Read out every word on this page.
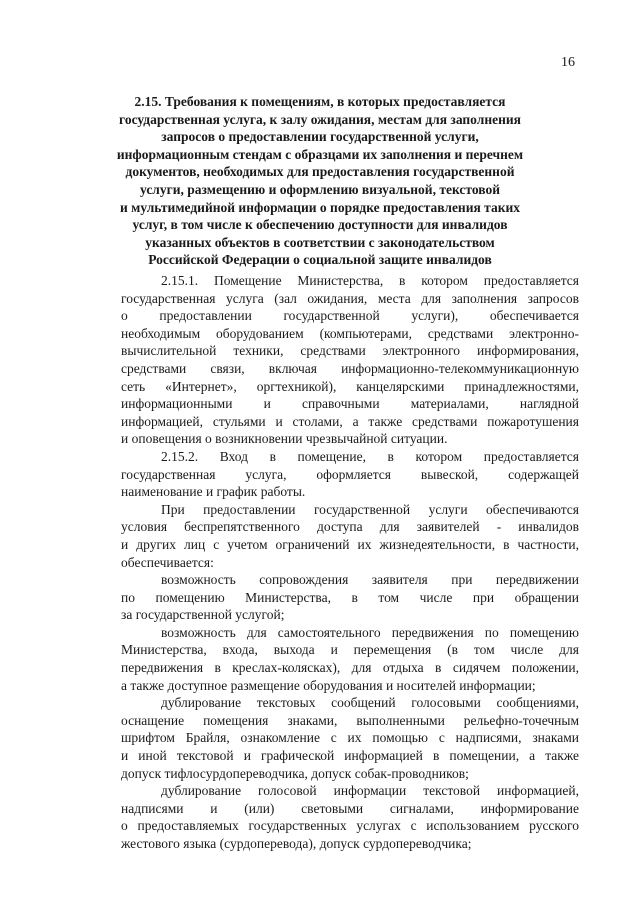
16
2.15. Требования к помещениям, в которых предоставляется
государственная услуга, к залу ожидания, местам для заполнения
запросов о предоставлении государственной услуги,
информационным стендам с образцами их заполнения и перечнем
документов, необходимых для предоставления государственной
услуги, размещению и оформлению визуальной, текстовой
и мультимедийной информации о порядке предоставления таких
услуг, в том числе к обеспечению доступности для инвалидов
указанных объектов в соответствии с законодательством
Российской Федерации о социальной защите инвалидов
2.15.1. Помещение Министерства, в котором предоставляется
государственная услуга (зал ожидания, места для заполнения запросов
о предоставлении государственной услуги), обеспечивается
необходимым оборудованием (компьютерами, средствами электронно-
вычислительной техники, средствами электронного информирования,
средствами связи, включая информационно-телекоммуникационную
сеть «Интернет», оргтехникой), канцелярскими принадлежностями,
информационными и справочными материалами, наглядной
информацией, стульями и столами, а также средствами пожаротушения
и оповещения о возникновении чрезвычайной ситуации.
2.15.2. Вход в помещение, в котором предоставляется
государственная услуга, оформляется вывеской, содержащей
наименование и график работы.
При предоставлении государственной услуги обеспечиваются
условия беспрепятственного доступа для заявителей - инвалидов
и других лиц с учетом ограничений их жизнедеятельности, в частности,
обеспечивается:
возможность сопровождения заявителя при передвижении
по помещению Министерства, в том числе при обращении
за государственной услугой;
возможность для самостоятельного передвижения по помещению
Министерства, входа, выхода и перемещения (в том числе для
передвижения в креслах-колясках), для отдыха в сидячем положении,
а также доступное размещение оборудования и носителей информации;
дублирование текстовых сообщений голосовыми сообщениями,
оснащение помещения знаками, выполненными рельефно-точечным
шрифтом Брайля, ознакомление с их помощью с надписями, знаками
и иной текстовой и графической информацией в помещении, а также
допуск тифлосурдопереводчика, допуск собак-проводников;
дублирование голосовой информации текстовой информацией,
надписями и (или) световыми сигналами, информирование
о предоставляемых государственных услугах с использованием русского
жестового языка (сурдоперевода), допуск сурдопереводчика;
